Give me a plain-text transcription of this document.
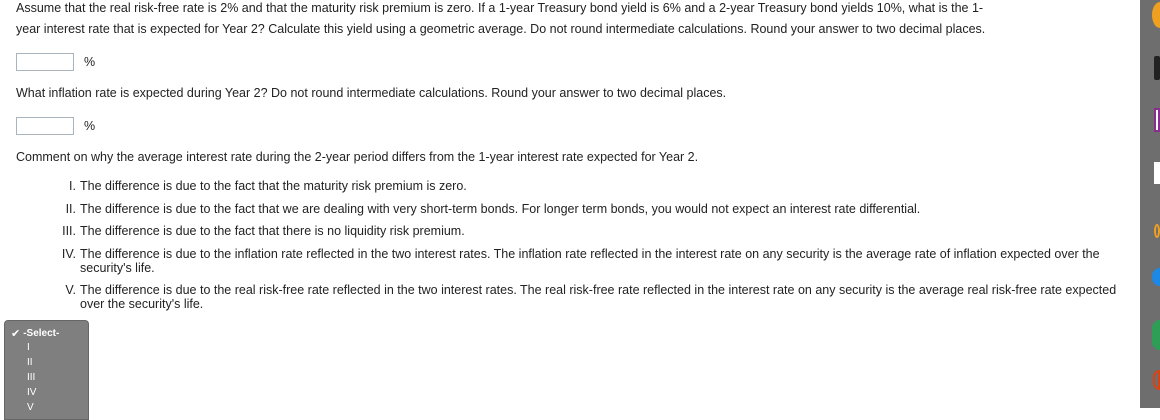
Assume that the real risk-free rate is 2% and that the maturity risk premium is zero. If a 1-year Treasury bond yield is 6% and a 2-year Treasury bond yields 10%, what is the 1-
year interest rate that is expected for Year 2? Calculate this yield using a geometric average. Do not round intermediate calculations. Round your answer to two decimal places.

%

What inflation rate is expected during Year 2? Do not round intermediate calculations. Round your answer to two decimal places.

%

Comment on why the average interest rate during the 2-year period differs from the 1-year interest rate expected for Year 2.

I. The difference is due to the fact that the maturity risk premium is zero.
II. The difference is due to the fact that we are dealing with very short-term bonds. For longer term bonds, you would not expect an interest rate differential.
III. The difference is due to the fact that there is no liquidity risk premium.
IV. The difference is due to the inflation rate reflected in the two interest rates. The inflation rate reflected in the interest rate on any security is the average rate of inflation expected over the security's life.
V. The difference is due to the real risk-free rate reflected in the two interest rates. The real risk-free rate reflected in the interest rate on any security is the average real risk-free rate expected over the security's life.
✔ -Select-
I
II
III
IV
V
